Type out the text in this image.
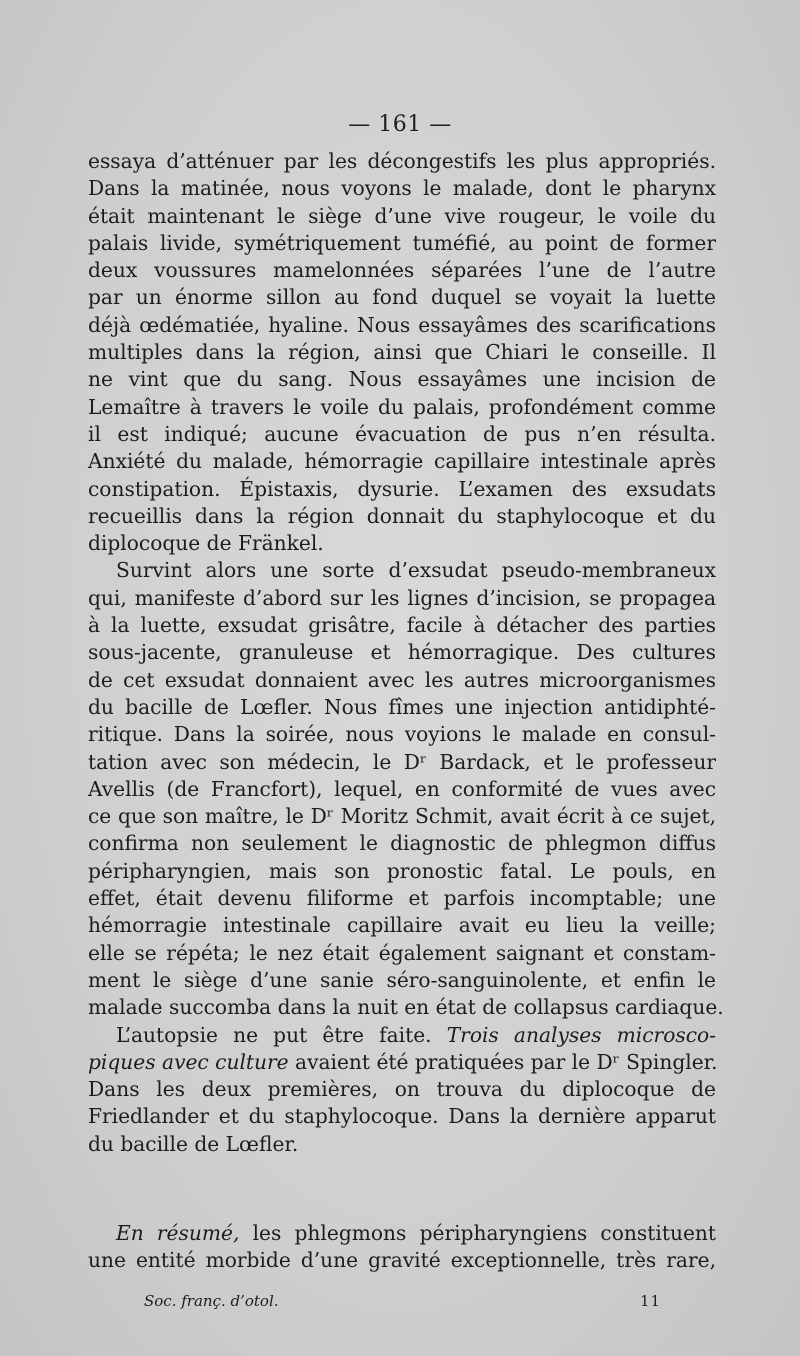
— 161 —
essaya d’atténuer par les décongestifs les plus appropriés.
Dans la matinée, nous voyons le malade, dont le pharynx
était maintenant le siège d’une vive rougeur, le voile du
palais livide, symétriquement tuméfié, au point de former
deux voussures mamelonnées séparées l’une de l’autre
par un énorme sillon au fond duquel se voyait la luette
déjà œdématiée, hyaline. Nous essayâmes des scarifications
multiples dans la région, ainsi que Chiari le conseille. Il
ne vint que du sang. Nous essayâmes une incision de
Lemaître à travers le voile du palais, profondément comme
il est indiqué; aucune évacuation de pus n’en résulta.
Anxiété du malade, hémorragie capillaire intestinale après
constipation. Épistaxis, dysurie. L’examen des exsudats
recueillis dans la région donnait du staphylocoque et du
diplocoque de Fränkel.
Survint alors une sorte d’exsudat pseudo-membraneux
qui, manifeste d’abord sur les lignes d’incision, se propagea
à la luette, exsudat grisâtre, facile à détacher des parties
sous-jacente, granuleuse et hémorragique. Des cultures
de cet exsudat donnaient avec les autres microorganismes
du bacille de Lœfler. Nous fîmes une injection antidiphté-
ritique. Dans la soirée, nous voyions le malade en consul-
tation avec son médecin, le Dʳ Bardack, et le professeur
Avellis (de Francfort), lequel, en conformité de vues avec
ce que son maître, le Dʳ Moritz Schmit, avait écrit à ce sujet,
confirma non seulement le diagnostic de phlegmon diffus
péripharyngien, mais son pronostic fatal. Le pouls, en
effet, était devenu filiforme et parfois incomptable; une
hémorragie intestinale capillaire avait eu lieu la veille;
elle se répéta; le nez était également saignant et constam-
ment le siège d’une sanie séro-sanguinolente, et enfin le
malade succomba dans la nuit en état de collapsus cardiaque.
L’autopsie ne put être faite. Trois analyses microsco-
piques avec culture avaient été pratiquées par le Dʳ Spingler.
Dans les deux premières, on trouva du diplocoque de
Friedlander et du staphylocoque. Dans la dernière apparut
du bacille de Lœfler.
En résumé, les phlegmons péripharyngiens constituent
une entité morbide d’une gravité exceptionnelle, très rare,
Soc. franç. d’otol.	11
